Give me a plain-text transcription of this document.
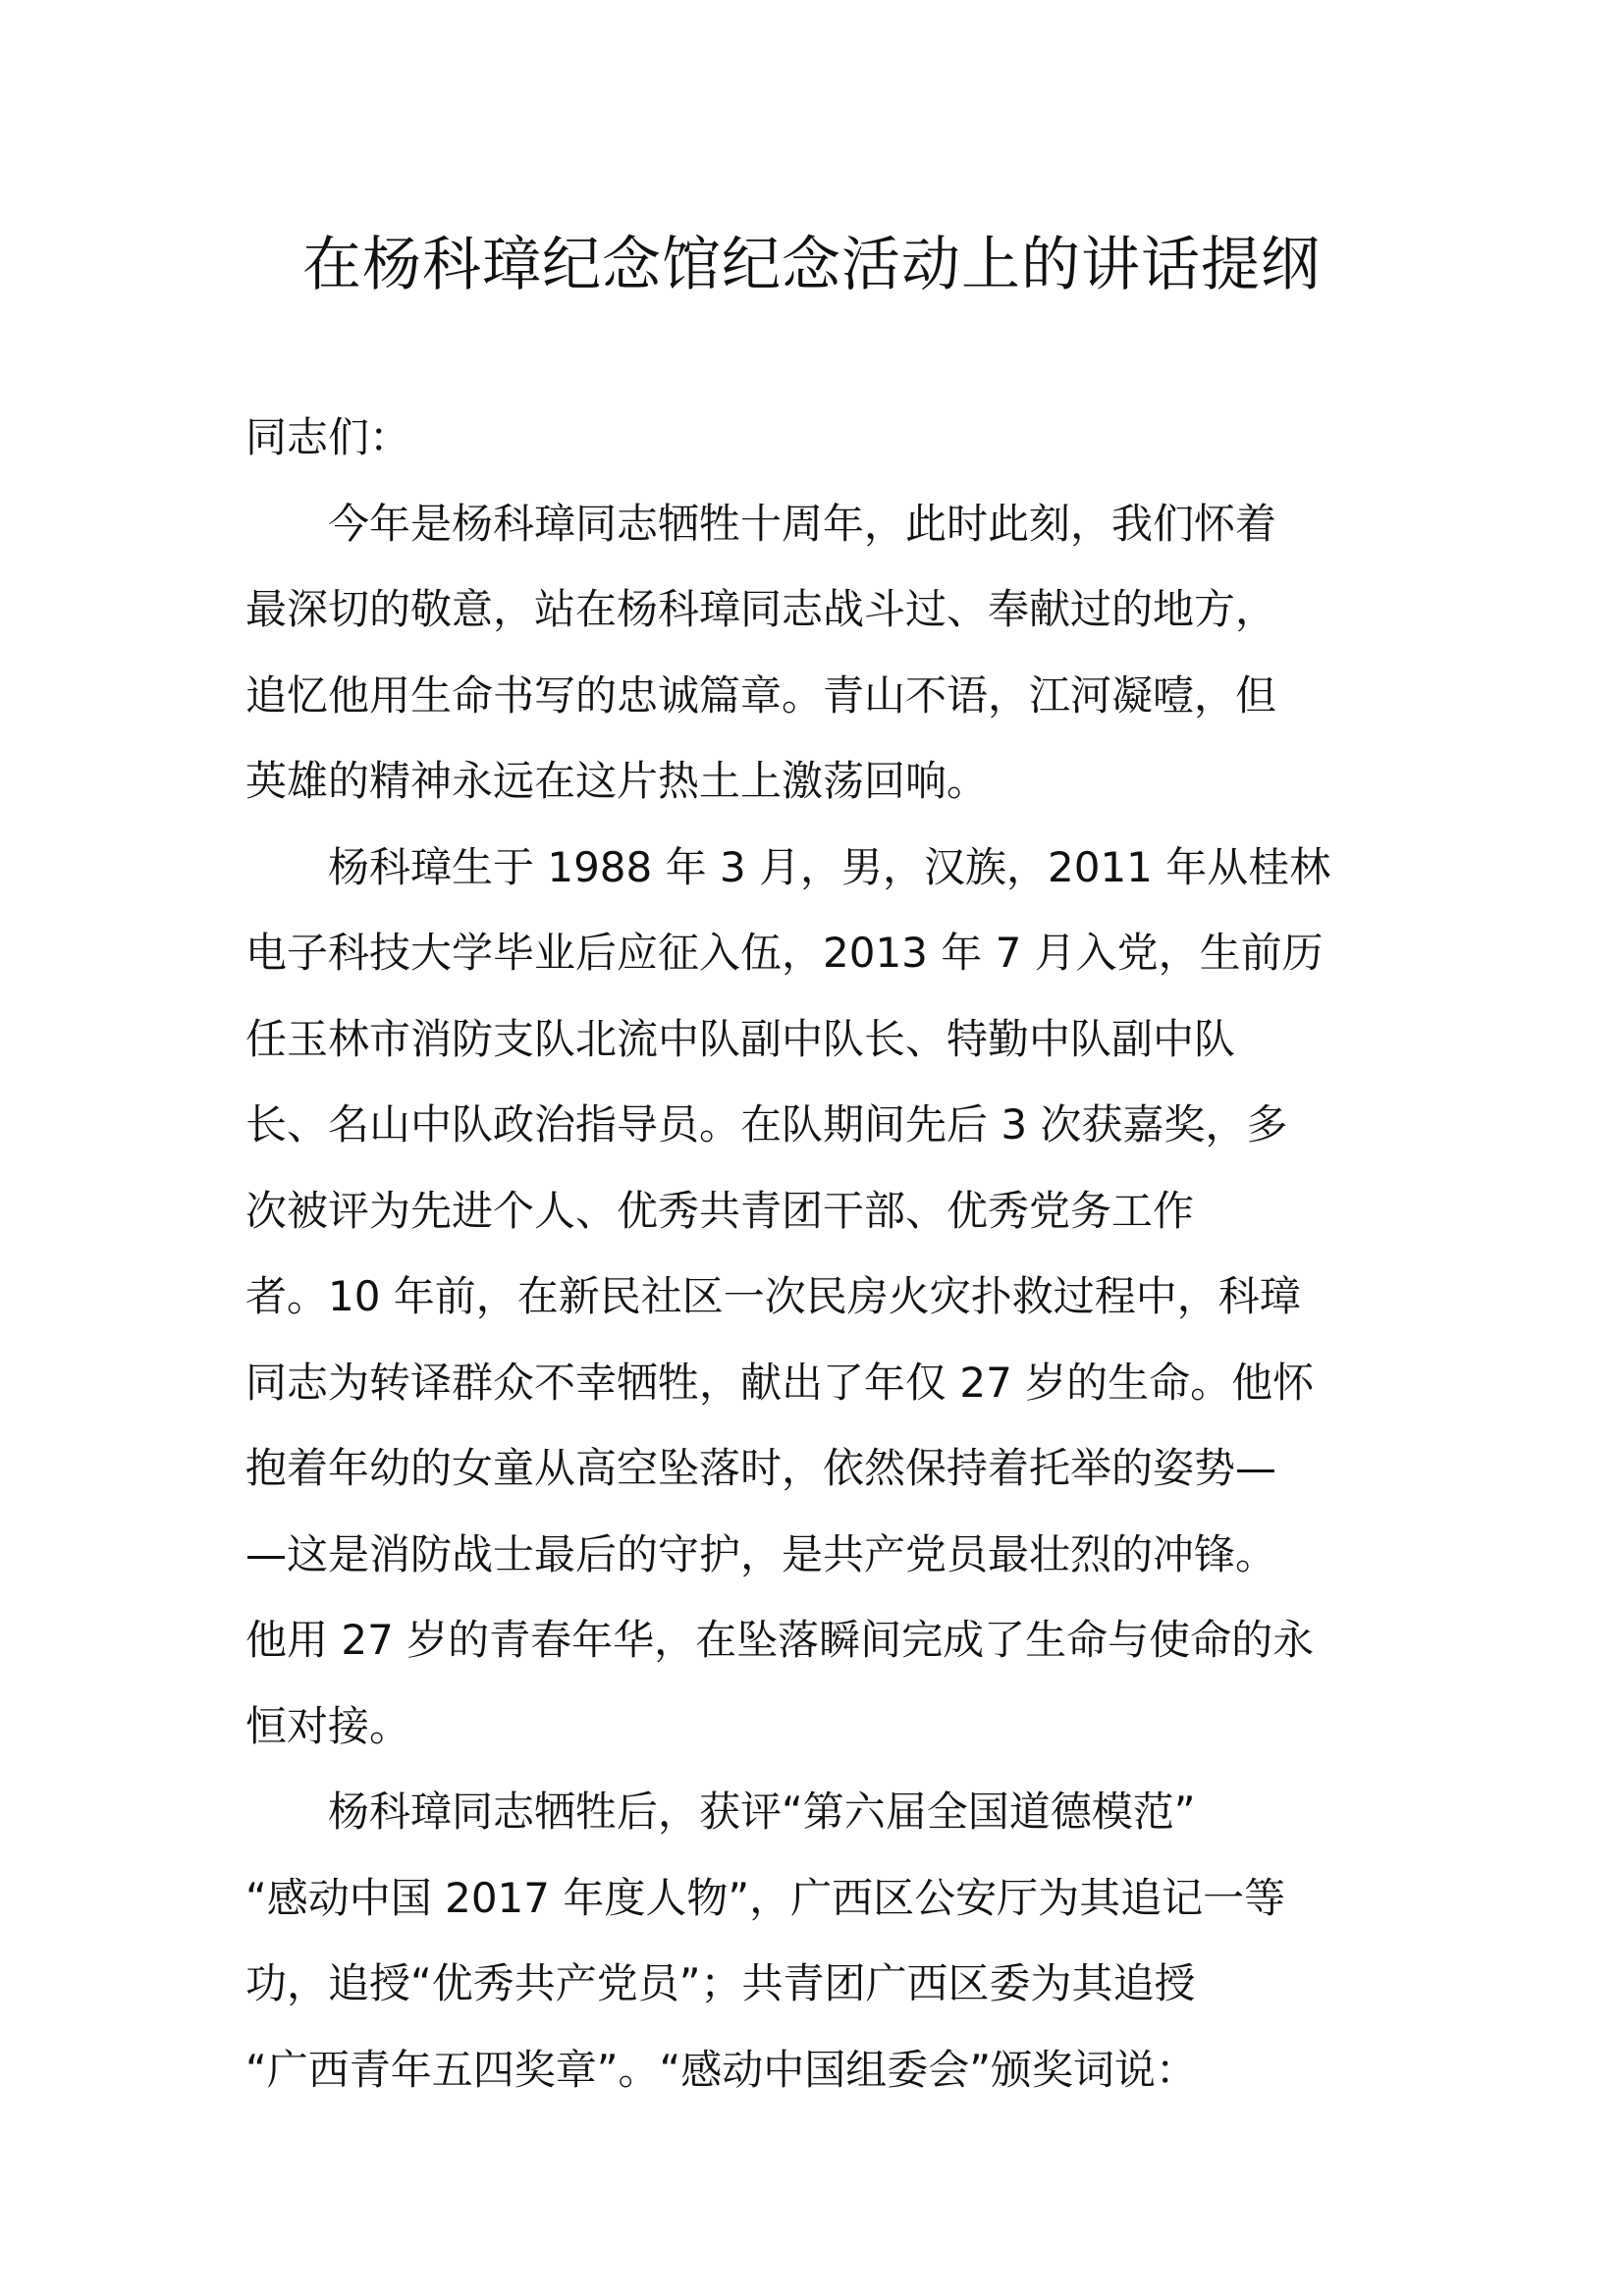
在杨科璋纪念馆纪念活动上的讲话提纲
同志们：
　　今年是杨科璋同志牺牲十周年，此时此刻，我们怀着
最深切的敬意，站在杨科璋同志战斗过、奉献过的地方，
追忆他用生命书写的忠诚篇章。青山不语，江河凝噎，但
英雄的精神永远在这片热土上激荡回响。
　　杨科璋生于 1988 年 3 月，男，汉族，2011 年从桂林
电子科技大学毕业后应征入伍，2013 年 7 月入党，生前历
任玉林市消防支队北流中队副中队长、特勤中队副中队
长、名山中队政治指导员。在队期间先后 3 次获嘉奖，多
次被评为先进个人、优秀共青团干部、优秀党务工作
者。10 年前，在新民社区一次民房火灾扑救过程中，科璋
同志为转译群众不幸牺牲，献出了年仅 27 岁的生命。他怀
抱着年幼的女童从高空坠落时，依然保持着托举的姿势—
—这是消防战士最后的守护，是共产党员最壮烈的冲锋。
他用 27 岁的青春年华，在坠落瞬间完成了生命与使命的永
恒对接。
　　杨科璋同志牺牲后，获评“第六届全国道德模范”
“感动中国 2017 年度人物”，广西区公安厅为其追记一等
功，追授“优秀共产党员”；共青团广西区委为其追授
“广西青年五四奖章”。“感动中国组委会”颁奖词说：
